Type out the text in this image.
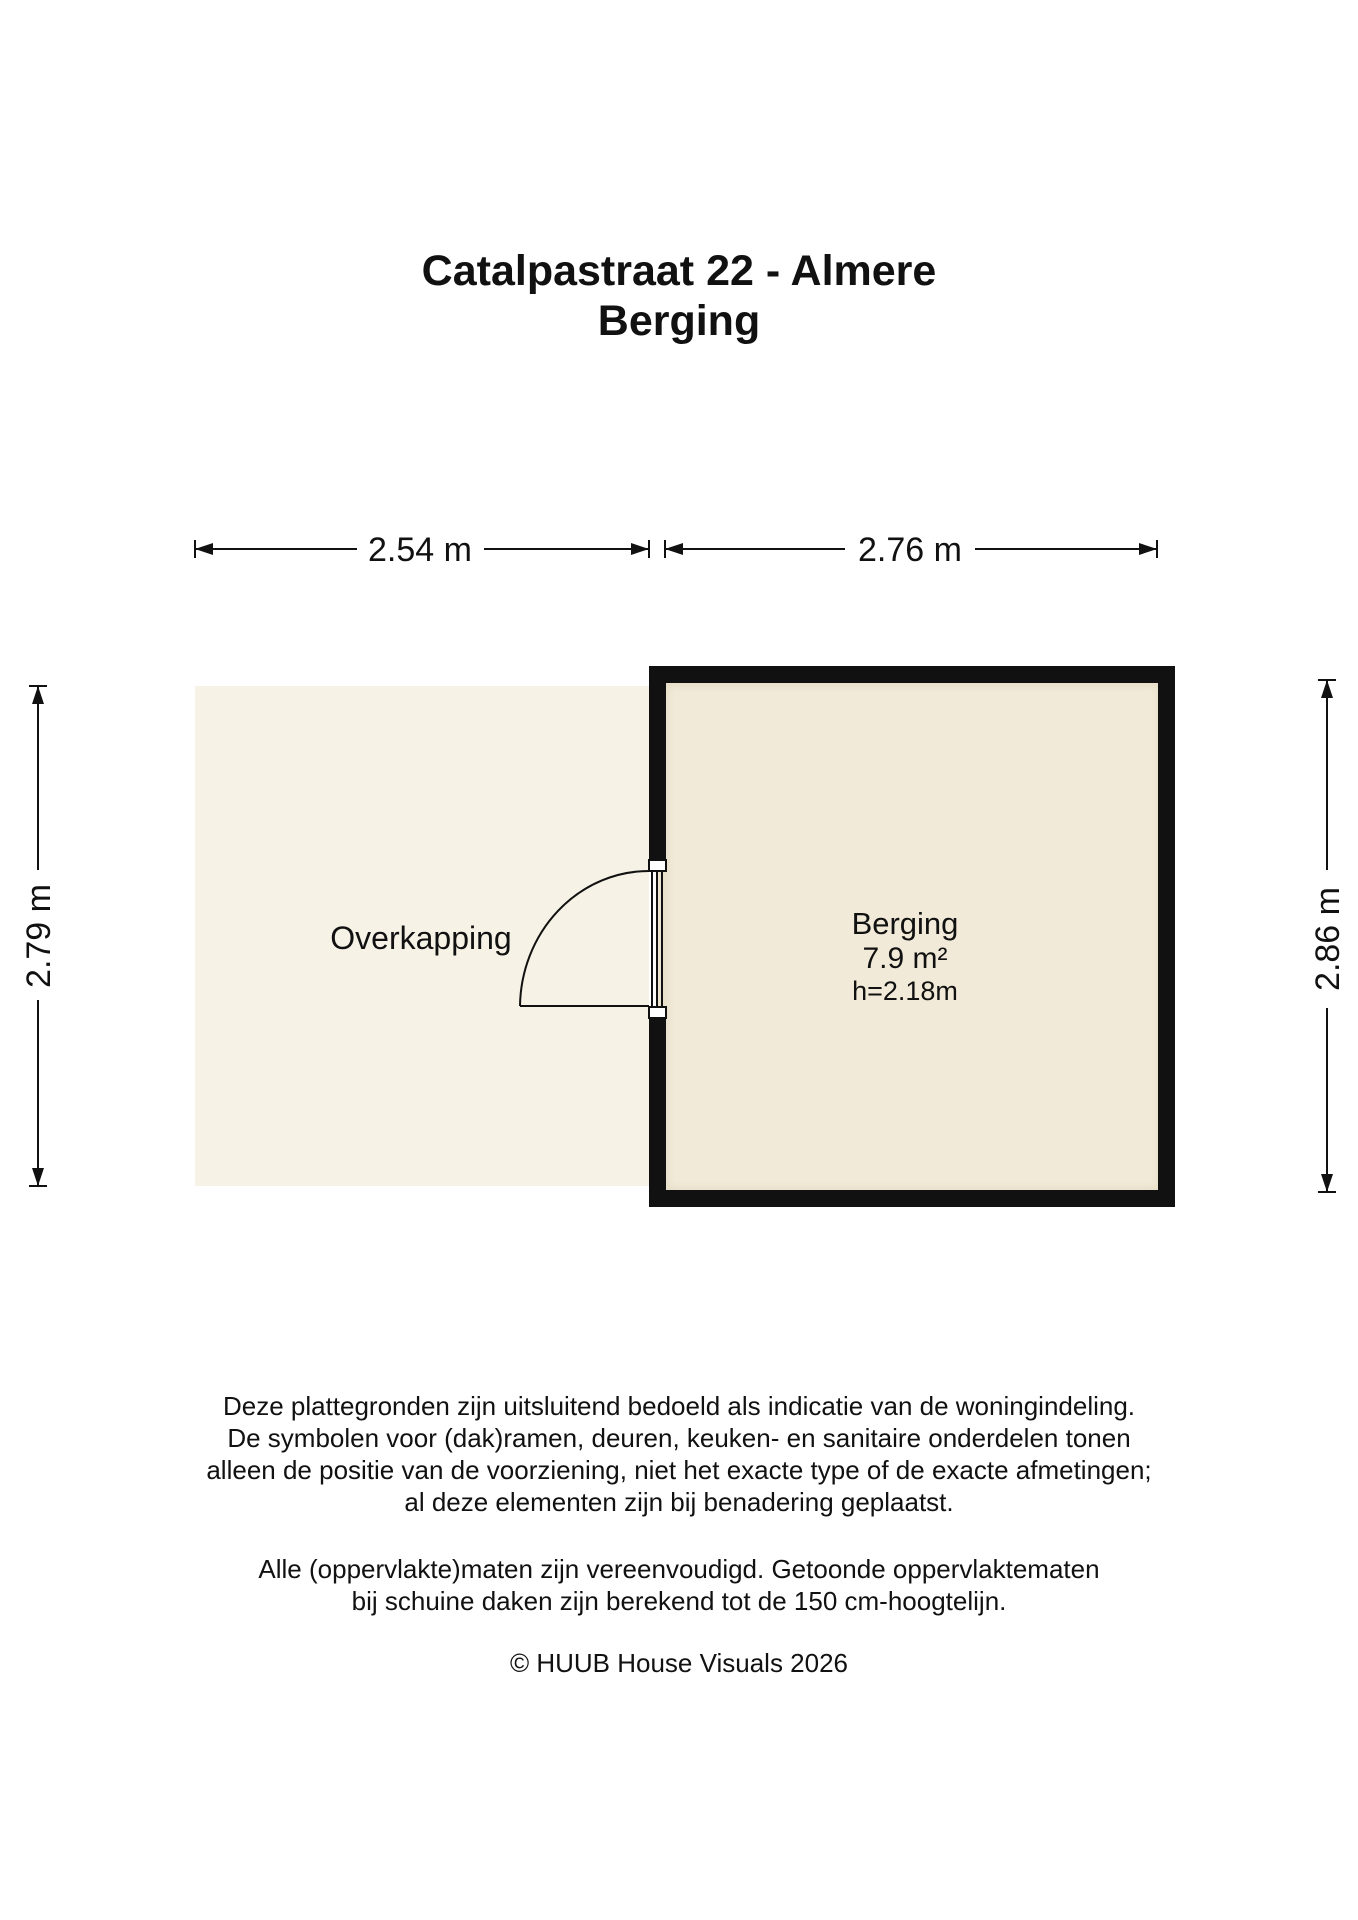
Catalpastraat 22 - Almere
Berging
2.54 m	2.76 m
2.79 m	2.86 m
Overkapping	Berging
7.9 m²
h=2.18m
Deze plattegronden zijn uitsluitend bedoeld als indicatie van de woningindeling.
De symbolen voor (dak)ramen, deuren, keuken- en sanitaire onderdelen tonen
alleen de positie van de voorziening, niet het exacte type of de exacte afmetingen;
al deze elementen zijn bij benadering geplaatst.
Alle (oppervlakte)maten zijn vereenvoudigd. Getoonde oppervlaktematen
bij schuine daken zijn berekend tot de 150 cm-hoogtelijn.
© HUUB House Visuals 2026
